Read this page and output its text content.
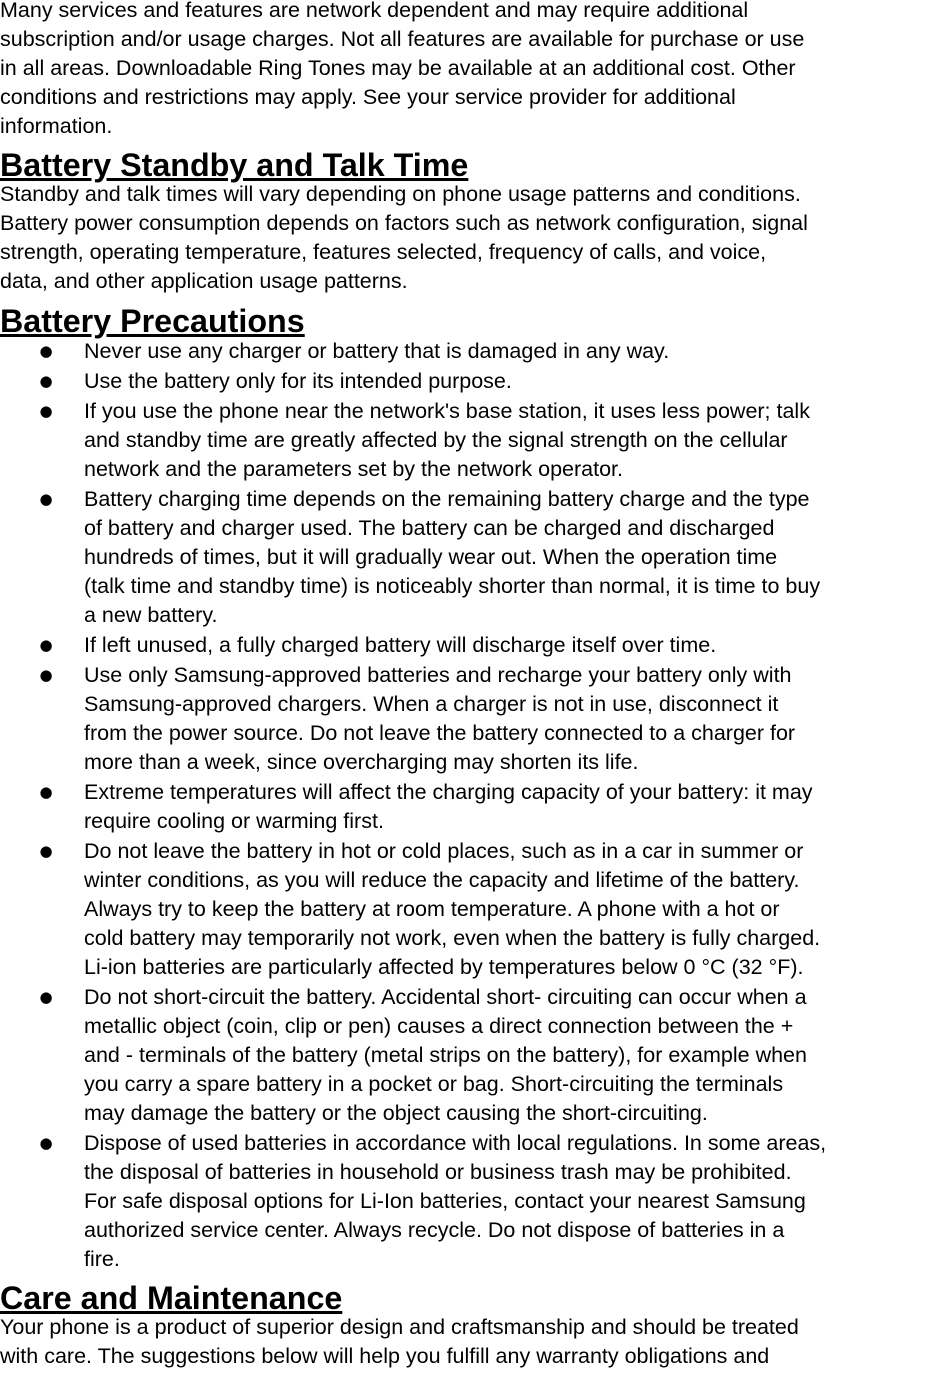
Many services and features are network dependent and may require additional
subscription and/or usage charges. Not all features are available for purchase or use
in all areas. Downloadable Ring Tones may be available at an additional cost. Other
conditions and restrictions may apply. See your service provider for additional
information.

Battery Standby and Talk Time

Standby and talk times will vary depending on phone usage patterns and conditions.
Battery power consumption depends on factors such as network configuration, signal
strength, operating temperature, features selected, frequency of calls, and voice,
data, and other application usage patterns.

Battery Precautions
● Never use any charger or battery that is damaged in any way.
● Use the battery only for its intended purpose.
● If you use the phone near the network's base station, it uses less power; talk
and standby time are greatly affected by the signal strength on the cellular
network and the parameters set by the network operator.
● Battery charging time depends on the remaining battery charge and the type
of battery and charger used. The battery can be charged and discharged
hundreds of times, but it will gradually wear out. When the operation time
(talk time and standby time) is noticeably shorter than normal, it is time to buy
a new battery.
● If left unused, a fully charged battery will discharge itself over time.
● Use only Samsung-approved batteries and recharge your battery only with
Samsung-approved chargers. When a charger is not in use, disconnect it
from the power source. Do not leave the battery connected to a charger for
more than a week, since overcharging may shorten its life.
● Extreme temperatures will affect the charging capacity of your battery: it may
require cooling or warming first.
● Do not leave the battery in hot or cold places, such as in a car in summer or
winter conditions, as you will reduce the capacity and lifetime of the battery.
Always try to keep the battery at room temperature. A phone with a hot or
cold battery may temporarily not work, even when the battery is fully charged.
Li-ion batteries are particularly affected by temperatures below 0 °C (32 °F).
● Do not short-circuit the battery. Accidental short- circuiting can occur when a
metallic object (coin, clip or pen) causes a direct connection between the +
and - terminals of the battery (metal strips on the battery), for example when
you carry a spare battery in a pocket or bag. Short-circuiting the terminals
may damage the battery or the object causing the short-circuiting.
● Dispose of used batteries in accordance with local regulations. In some areas,
the disposal of batteries in household or business trash may be prohibited.
For safe disposal options for Li-Ion batteries, contact your nearest Samsung
authorized service center. Always recycle. Do not dispose of batteries in a
fire.
Care and Maintenance

Your phone is a product of superior design and craftsmanship and should be treated
with care. The suggestions below will help you fulfill any warranty obligations and
